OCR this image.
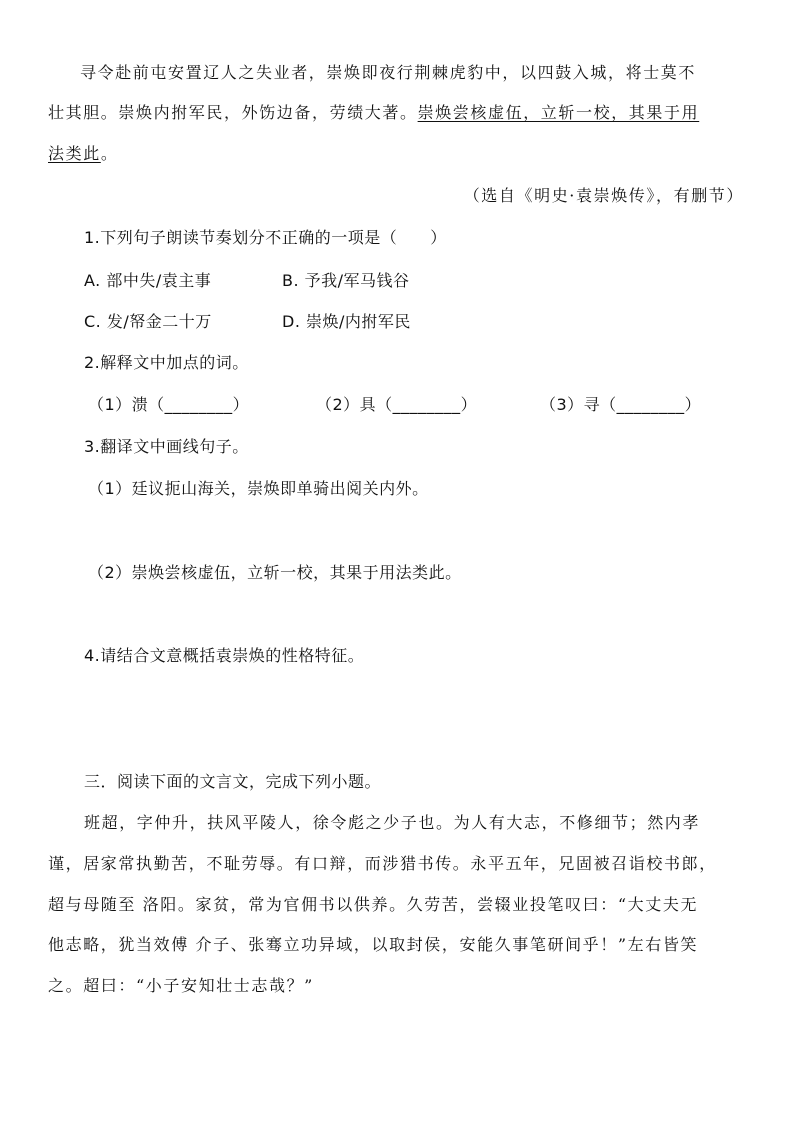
寻令赴前屯安置辽人之失业者，崇焕即夜行荆棘虎豹中，以四鼓入城，将士莫不
壮其胆。崇焕内拊军民，外饬边备，劳绩大著。崇焕尝核虚伍，立斩一校，其果于用
法类此。
（选自《明史·袁崇焕传》，有删节）
1.下列句子朗读节奏划分不正确的一项是（　　）
A. 部中失/袁主事	B. 予我/军马钱谷
C. 发/帑金二十万	D. 崇焕/内拊军民
2.解释文中加点的词。
（1）溃（________）	（2）具（________）	（3）寻（________）
3.翻译文中画线句子。
（1）廷议扼山海关，崇焕即单骑出阅关内外。
（2）崇焕尝核虚伍，立斩一校，其果于用法类此。
4.请结合文意概括袁崇焕的性格特征。
三．阅读下面的文言文，完成下列小题。
班超，字仲升，扶风平陵人，徐令彪之少子也。为人有大志，不修细节；然内孝
谨，居家常执勤苦，不耻劳辱。有口辩，而涉猎书传。永平五年，兄固被召诣校书郎，
超与母随至 洛阳。家贫，常为官佣书以供养。久劳苦，尝辍业投笔叹曰：“大丈夫无
他志略，犹当效傅 介子、张骞立功异域，以取封侯，安能久事笔研间乎！”左右皆笑
之。超曰：“小子安知壮士志哉？”
